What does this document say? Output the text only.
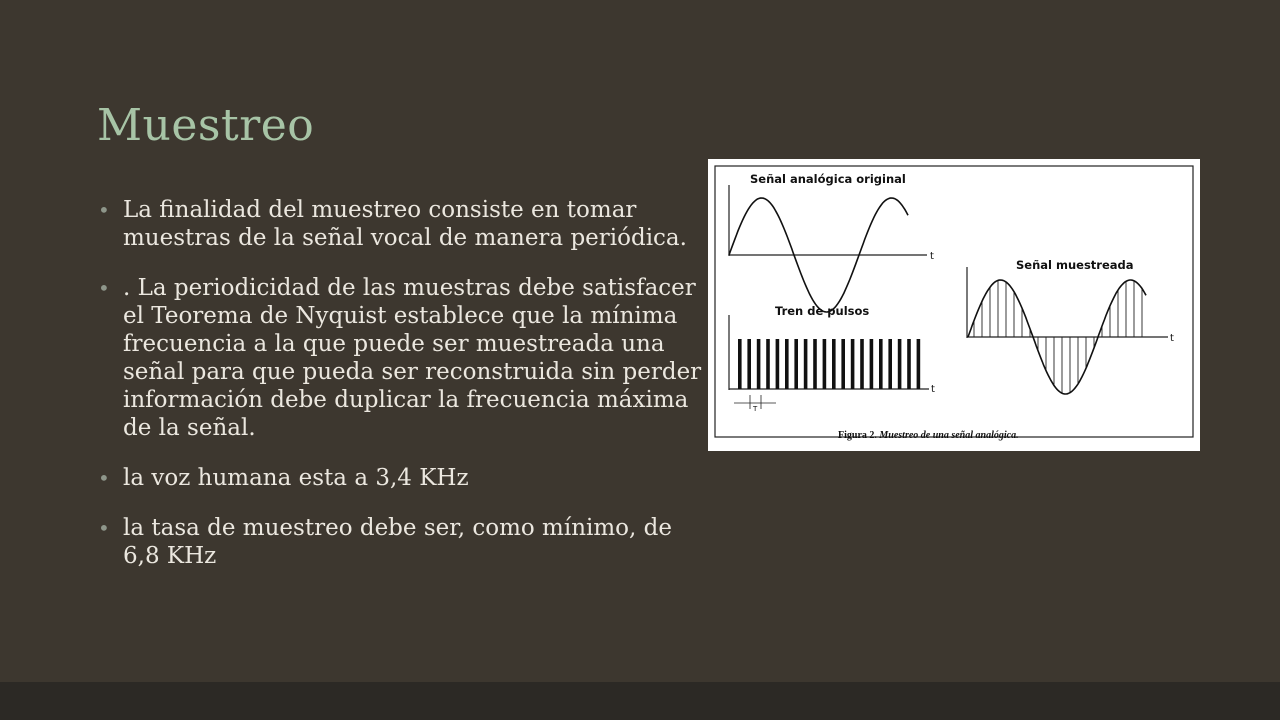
Muestreo
• La finalidad del muestreo consiste en tomar muestras de la señal vocal de manera periódica.
• . La periodicidad de las muestras debe satisfacer el Teorema de Nyquist establece que la mínima frecuencia a la que puede ser muestreada una señal para que pueda ser reconstruida sin perder información debe duplicar la frecuencia máxima de la señal.
• la voz humana esta a 3,4 KHz
• la tasa de muestreo debe ser, como mínimo, de 6,8 KHz
Señal analógica original
t
Tren de pulsos
t
T
Señal muestreada
t
Figura 2. Muestreo de una señal analógica.
